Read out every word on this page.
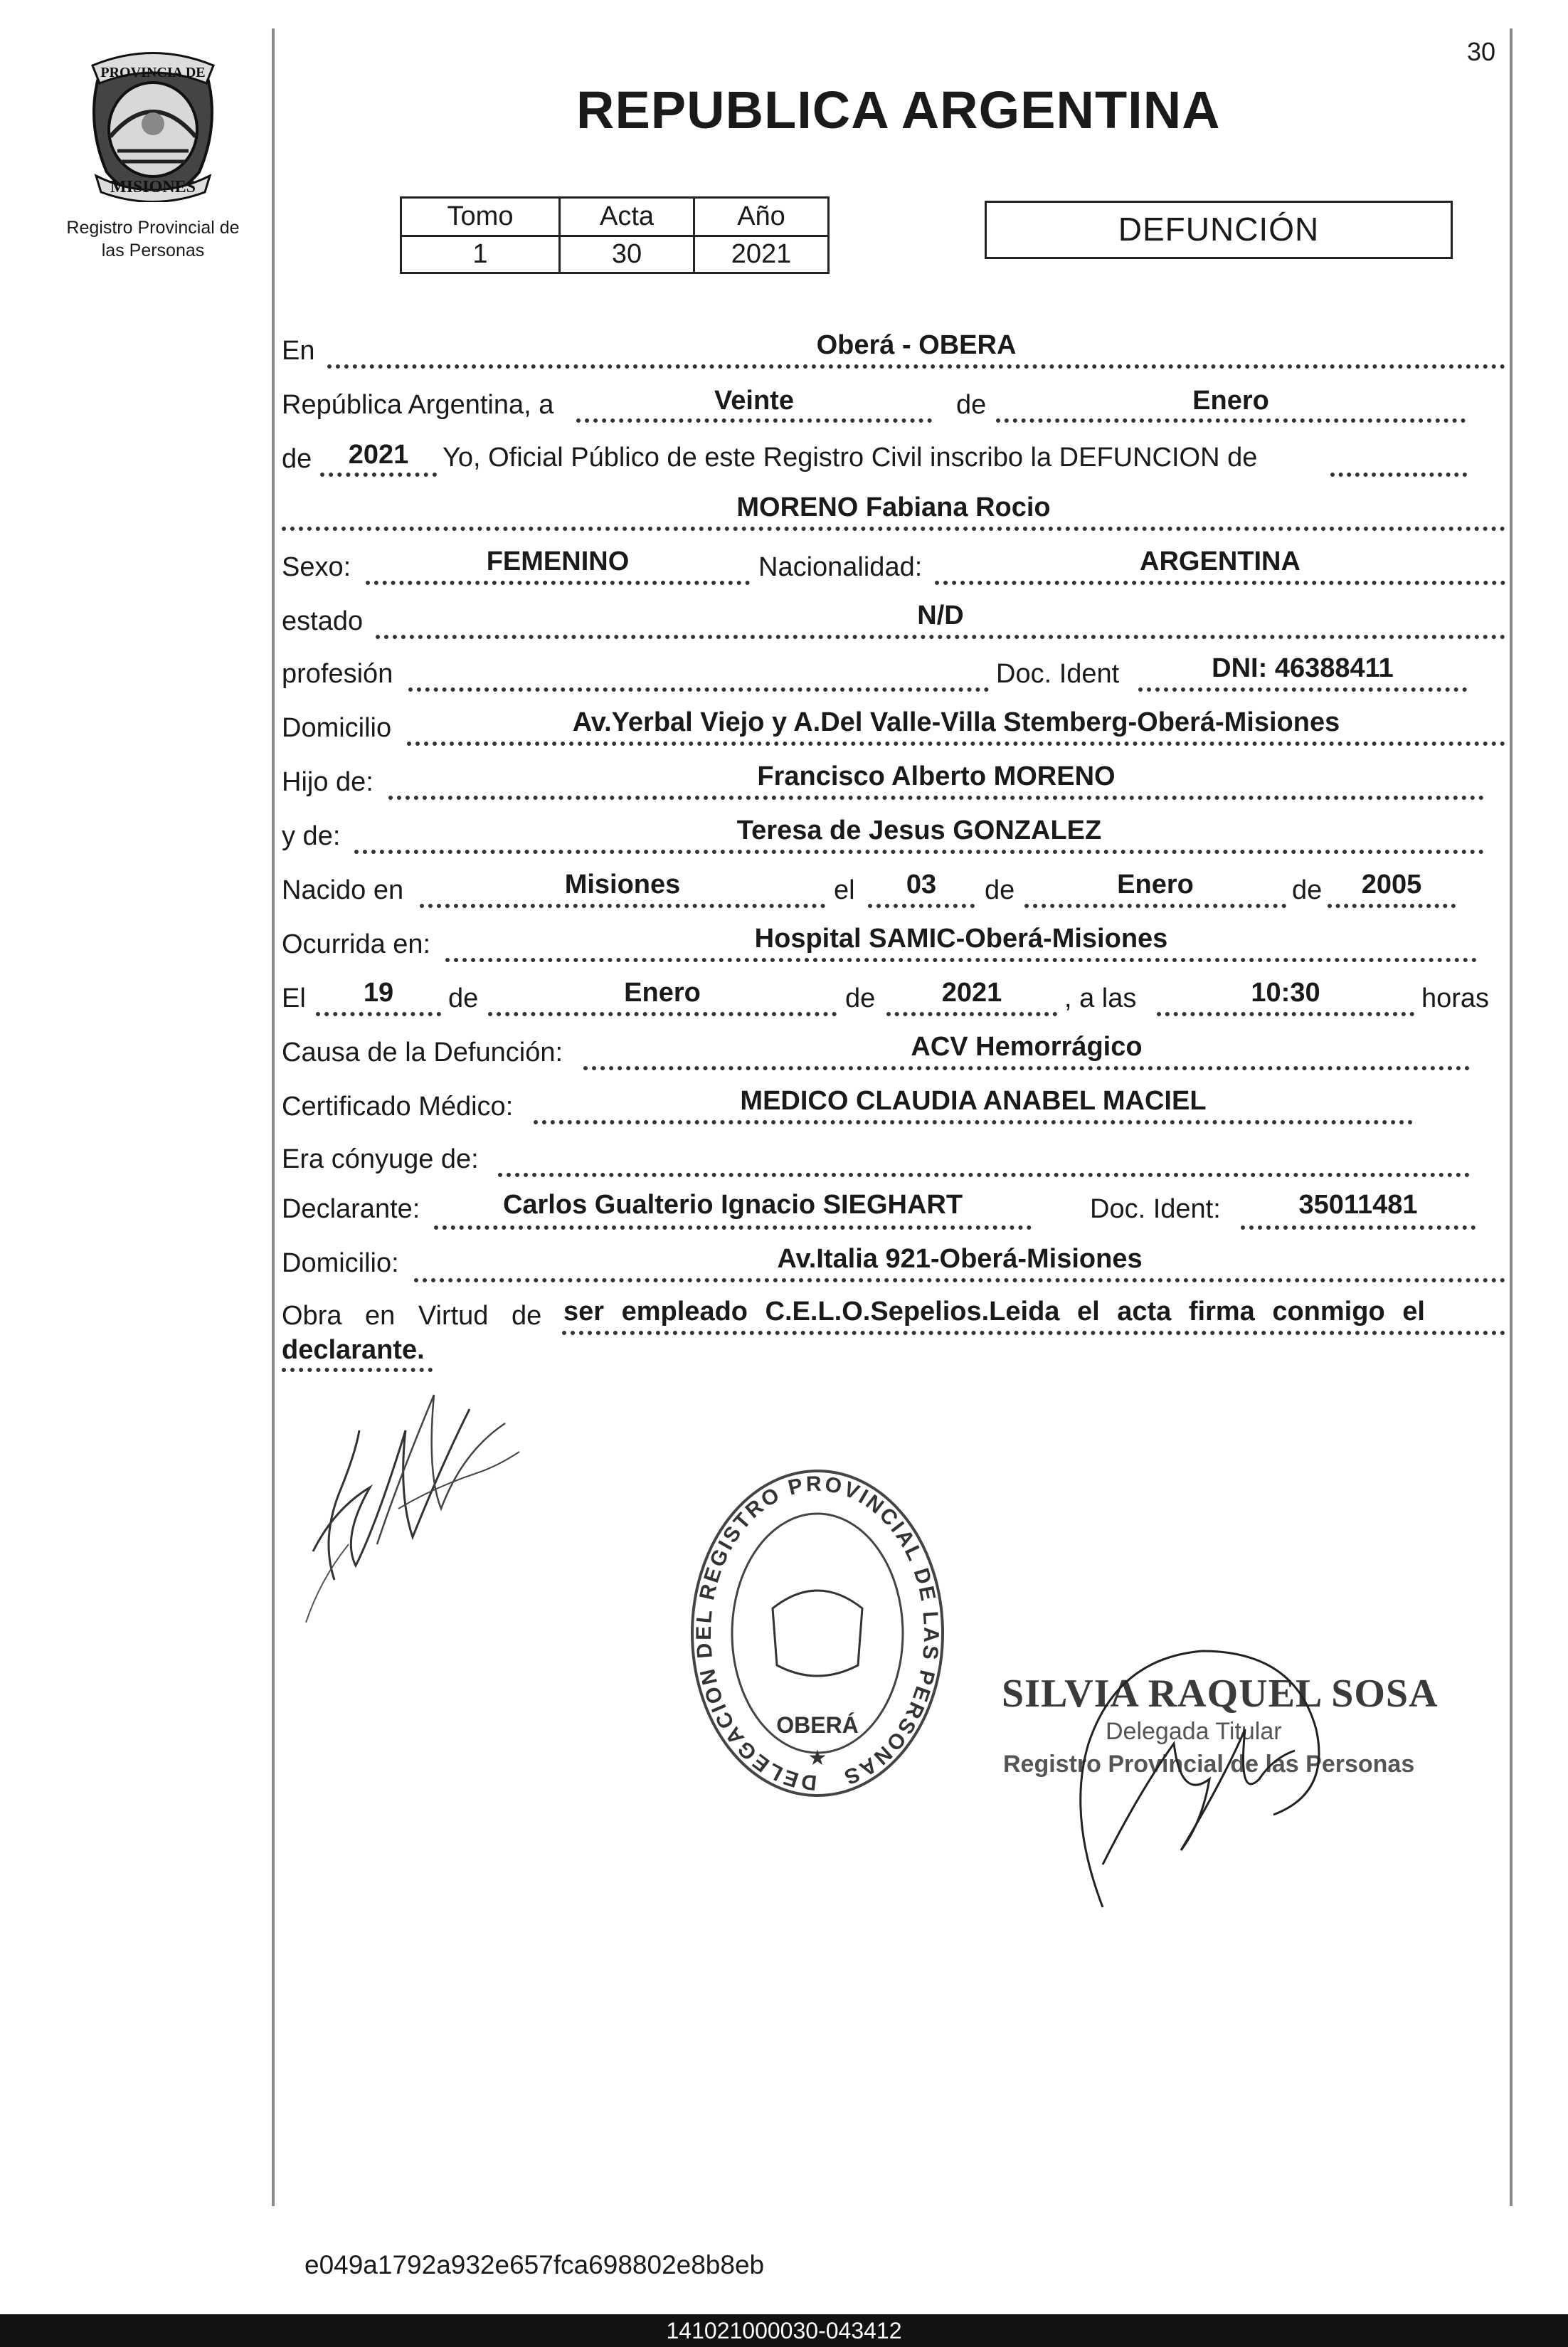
30
PROVINCIA DE
MISIONES
Registro Provincial de
las Personas
REPUBLICA ARGENTINA
Tomo	Acta	Año
1	30	2021
DEFUNCIÓN
En	Oberá - OBERA
República Argentina, a	Veinte	de	Enero
de	2021	Yo, Oficial Público de este Registro Civil inscribo la DEFUNCION de
MORENO Fabiana Rocio
Sexo:	FEMENINO	Nacionalidad:	ARGENTINA
estado	N/D
profesión	Doc. Ident	DNI: 46388411
Domicilio	Av.Yerbal Viejo y A.Del Valle-Villa Stemberg-Oberá-Misiones
Hijo de:	Francisco Alberto MORENO
y de:	Teresa de Jesus GONZALEZ
Nacido en	Misiones	el	03	de	Enero	de	2005
Ocurrida en:	Hospital SAMIC-Oberá-Misiones
El	19	de	Enero	de	2021	, a las	10:30	horas
Causa de la Defunción:	ACV Hemorrágico
Certificado Médico:	MEDICO CLAUDIA ANABEL MACIEL
Era cónyuge de:
Declarante:	Carlos Gualterio Ignacio SIEGHART	Doc. Ident:	35011481
Domicilio:	Av.Italia 921-Oberá-Misiones
Obra en Virtud de ser empleado C.E.L.O.Sepelios.Leida el acta firma conmigo el
declarante.
DELEGACION DEL REGISTRO PROVINCIAL DE LAS PERSONAS
OBERÁ
★
SILVIA RAQUEL SOSA
Delegada Titular
Registro Provincial de las Personas
e049a1792a932e657fca698802e8b8eb
141021000030-043412
